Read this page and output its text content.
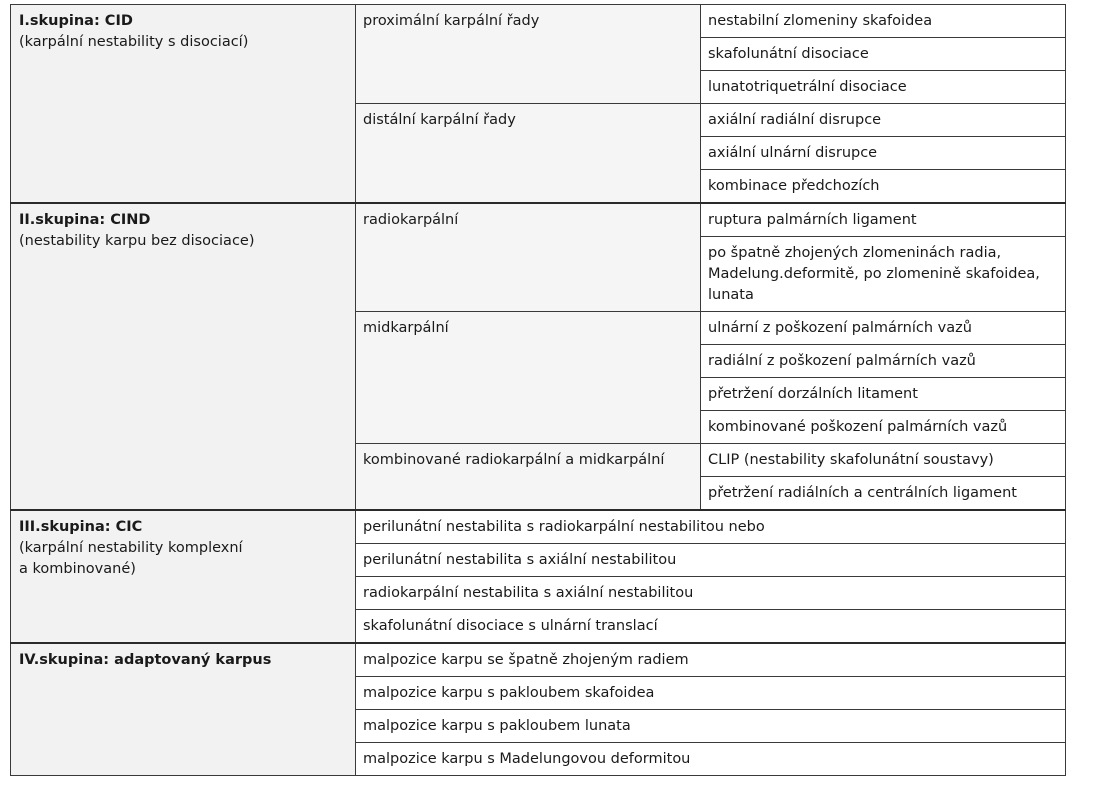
I.skupina: CID
(karpální nestability s disociací)	proximální karpální řady	nestabilní zlomeniny skafoidea
		skafolunátní disociace
		lunatotriquetrální disociace
	distální karpální řady	axiální radiální disrupce
		axiální ulnární disrupce
		kombinace předchozích

II.skupina: CIND
(nestability karpu bez disociace)	radiokarpální	ruptura palmárních ligament
		po špatně zhojených zlomeninách radia, Madelung.deformitě, po zlomenině skafoidea, lunata
	midkarpální	ulnární z poškození palmárních vazů
		radiální z poškození palmárních vazů
		přetržení dorzálních litament
		kombinované poškození palmárních vazů
	kombinované radiokarpální a midkarpální	CLIP (nestability skafolunátní soustavy)
		přetržení radiálních a centrálních ligament

III.skupina: CIC
(karpální nestability komplexní
a kombinované)	perilunátní nestabilita s radiokarpální nestabilitou nebo	
	perilunátní nestabilita s axiální nestabilitou	
	radiokarpální nestabilita s axiální nestabilitou	
	skafolunátní disociace s ulnární translací	

IV.skupina: adaptovaný karpus	malpozice karpu se špatně zhojeným radiem	
	malpozice karpu s pakloubem skafoidea	
	malpozice karpu s pakloubem lunata	
	malpozice karpu s Madelungovou deformitou	
